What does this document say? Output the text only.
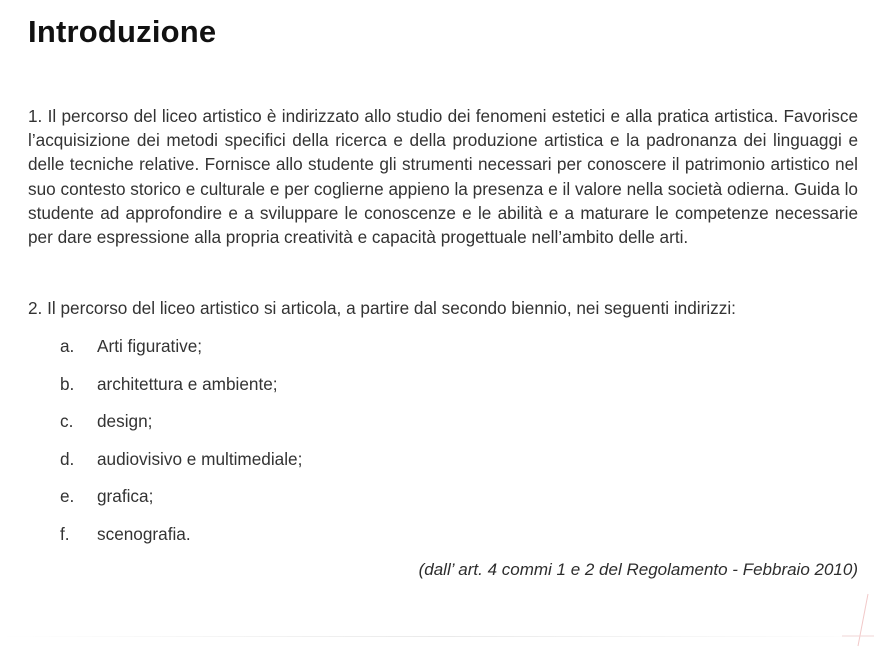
Introduzione

1. Il percorso del liceo artistico è indirizzato allo studio dei fenomeni estetici e alla pratica artistica. Favorisce l’acquisizione dei metodi specifici della ricerca e della produzione artistica e la padronanza dei linguaggi e delle tecniche relative. Fornisce allo studente gli strumenti necessari per conoscere il patrimonio artistico nel suo contesto storico e culturale e per coglierne appieno la presenza e il valore nella società odierna. Guida lo studente ad approfondire e a sviluppare le conoscenze e le abilità e a maturare le competenze necessarie per dare espressione alla propria creatività e capacità progettuale nell’ambito delle arti.

2. Il percorso del liceo artistico si articola, a partire dal secondo biennio, nei seguenti indirizzi:

a.	Arti figurative;
b.	architettura e ambiente;
c.	design;
d.	audiovisivo e multimediale;
e.	grafica;
f.	scenografia.

(dall’ art. 4 commi 1 e 2 del Regolamento - Febbraio 2010)
